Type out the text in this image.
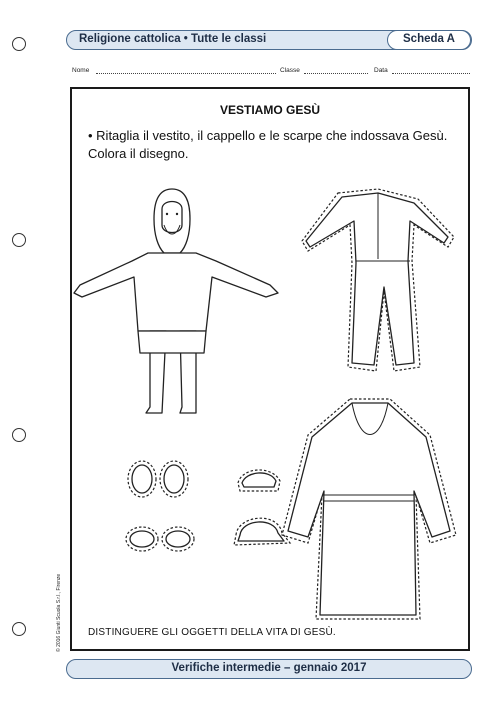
Religione cattolica • Tutte le classi	Scheda A
Nome	Classe	Data
VESTIAMO GESÙ
• Ritaglia il vestito, il cappello e le scarpe che indossava Gesù. Colora il disegno.
DISTINGUERE GLI OGGETTI DELLA VITA DI GESÙ.
© 2016 Giunti Scuola S.r.l., Firenze
Verifiche intermedie – gennaio 2017
